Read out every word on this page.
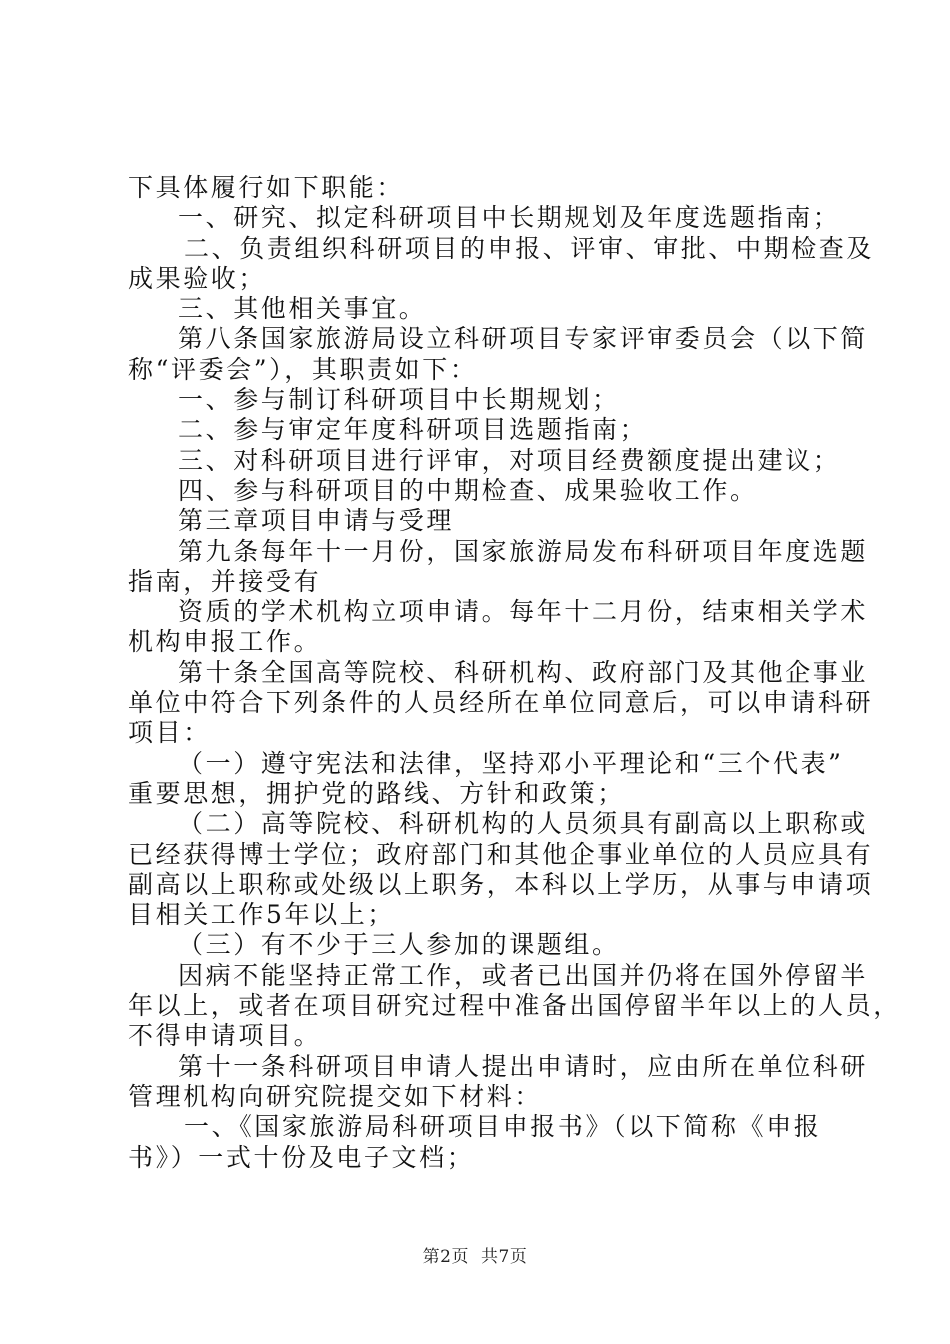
下具体履行如下职能：
一、研究、拟定科研项目中长期规划及年度选题指南；
二、负责组织科研项目的申报、评审、审批、中期检查及
成果验收；
三、其他相关事宜。
第八条国家旅游局设立科研项目专家评审委员会（以下简
称“评委会”），其职责如下：
一、参与制订科研项目中长期规划；
二、参与审定年度科研项目选题指南；
三、对科研项目进行评审，对项目经费额度提出建议；
四、参与科研项目的中期检查、成果验收工作。
第三章项目申请与受理
第九条每年十一月份，国家旅游局发布科研项目年度选题
指南，并接受有
资质的学术机构立项申请。每年十二月份，结束相关学术
机构申报工作。
第十条全国高等院校、科研机构、政府部门及其他企事业
单位中符合下列条件的人员经所在单位同意后，可以申请科研
项目：
（一）遵守宪法和法律，坚持邓小平理论和“三个代表”
重要思想，拥护党的路线、方针和政策；
（二）高等院校、科研机构的人员须具有副高以上职称或
已经获得博士学位；政府部门和其他企事业单位的人员应具有
副高以上职称或处级以上职务，本科以上学历，从事与申请项
目相关工作5年以上；
（三）有不少于三人参加的课题组。
因病不能坚持正常工作，或者已出国并仍将在国外停留半
年以上，或者在项目研究过程中准备出国停留半年以上的人员，
不得申请项目。
第十一条科研项目申请人提出申请时，应由所在单位科研
管理机构向研究院提交如下材料：
一、《国家旅游局科研项目申报书》（以下简称《申报
书》）一式十份及电子文档；
第2页 共7页
